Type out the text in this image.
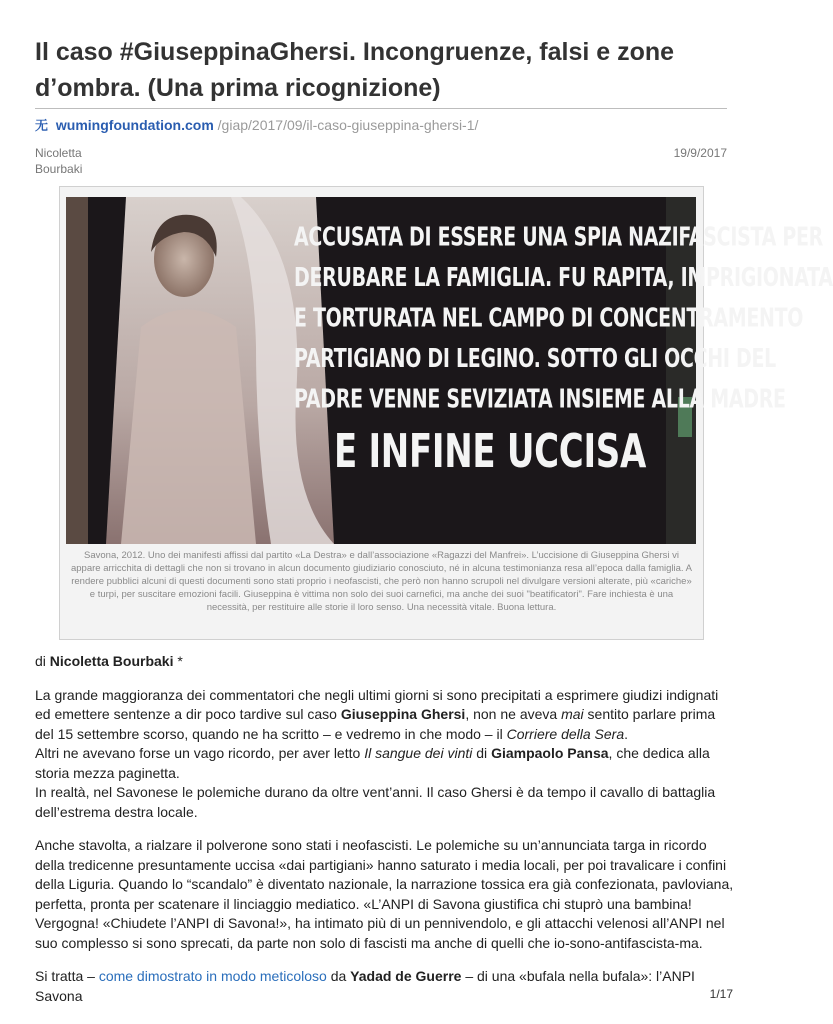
Il caso #GiuseppinaGhersi. Incongruenze, falsi e zone d’ombra. (Una prima ricognizione)
无 wumingfoundation.com /giap/2017/09/il-caso-giuseppina-ghersi-1/
Nicoletta Bourbaki
19/9/2017
ACCUSATA DI ESSERE UNA SPIA NAZIFASCISTA PER
DERUBARE LA FAMIGLIA. FU RAPITA, IMPRIGIONATA
E TORTURATA NEL CAMPO DI CONCENTRAMENTO
PARTIGIANO DI LEGINO. SOTTO GLI OCCHI DEL
PADRE VENNE SEVIZIATA INSIEME ALLA MADRE
E INFINE UCCISA
Savona, 2012. Uno dei manifesti affissi dal partito «La Destra» e dall’associazione «Ragazzi del Manfrei». L’uccisione di Giuseppina Ghersi vi appare arricchita di dettagli che non si trovano in alcun documento giudiziario conosciuto, né in alcuna testimonianza resa all’epoca dalla famiglia. A rendere pubblici alcuni di questi documenti sono stati proprio i neofascisti, che però non hanno scrupoli nel divulgare versioni alterate, più «cariche» e turpi, per suscitare emozioni facili. Giuseppina è vittima non solo dei suoi carnefici, ma anche dei suoi "beatificatori". Fare inchiesta è una necessità, per restituire alle storie il loro senso. Una necessità vitale. Buona lettura.

di Nicoletta Bourbaki *

La grande maggioranza dei commentatori che negli ultimi giorni si sono precipitati a esprimere giudizi indignati ed emettere sentenze a dir poco tardive sul caso Giuseppina Ghersi, non ne aveva mai sentito parlare prima del 15 settembre scorso, quando ne ha scritto – e vedremo in che modo – il Corriere della Sera.
Altri ne avevano forse un vago ricordo, per aver letto Il sangue dei vinti di Giampaolo Pansa, che dedica alla storia mezza paginetta.
In realtà, nel Savonese le polemiche durano da oltre vent’anni. Il caso Ghersi è da tempo il cavallo di battaglia dell’estrema destra locale.

Anche stavolta, a rialzare il polverone sono stati i neofascisti. Le polemiche su un’annunciata targa in ricordo della tredicenne presuntamente uccisa «dai partigiani» hanno saturato i media locali, per poi travalicare i confini della Liguria. Quando lo “scandalo” è diventato nazionale, la narrazione tossica era già confezionata, pavloviana, perfetta, pronta per scatenare il linciaggio mediatico. «L’ANPI di Savona giustifica chi stuprò una bambina! Vergogna! «Chiudete l’ANPI di Savona!», ha intimato più di un pennivendolo, e gli attacchi velenosi all’ANPI nel suo complesso si sono sprecati, da parte non solo di fascisti ma anche di quelli che io-sono-antifascista-ma.

Si tratta – come dimostrato in modo meticoloso da Yadad de Guerre – di una «bufala nella bufala»: l’ANPI Savona	1/17
